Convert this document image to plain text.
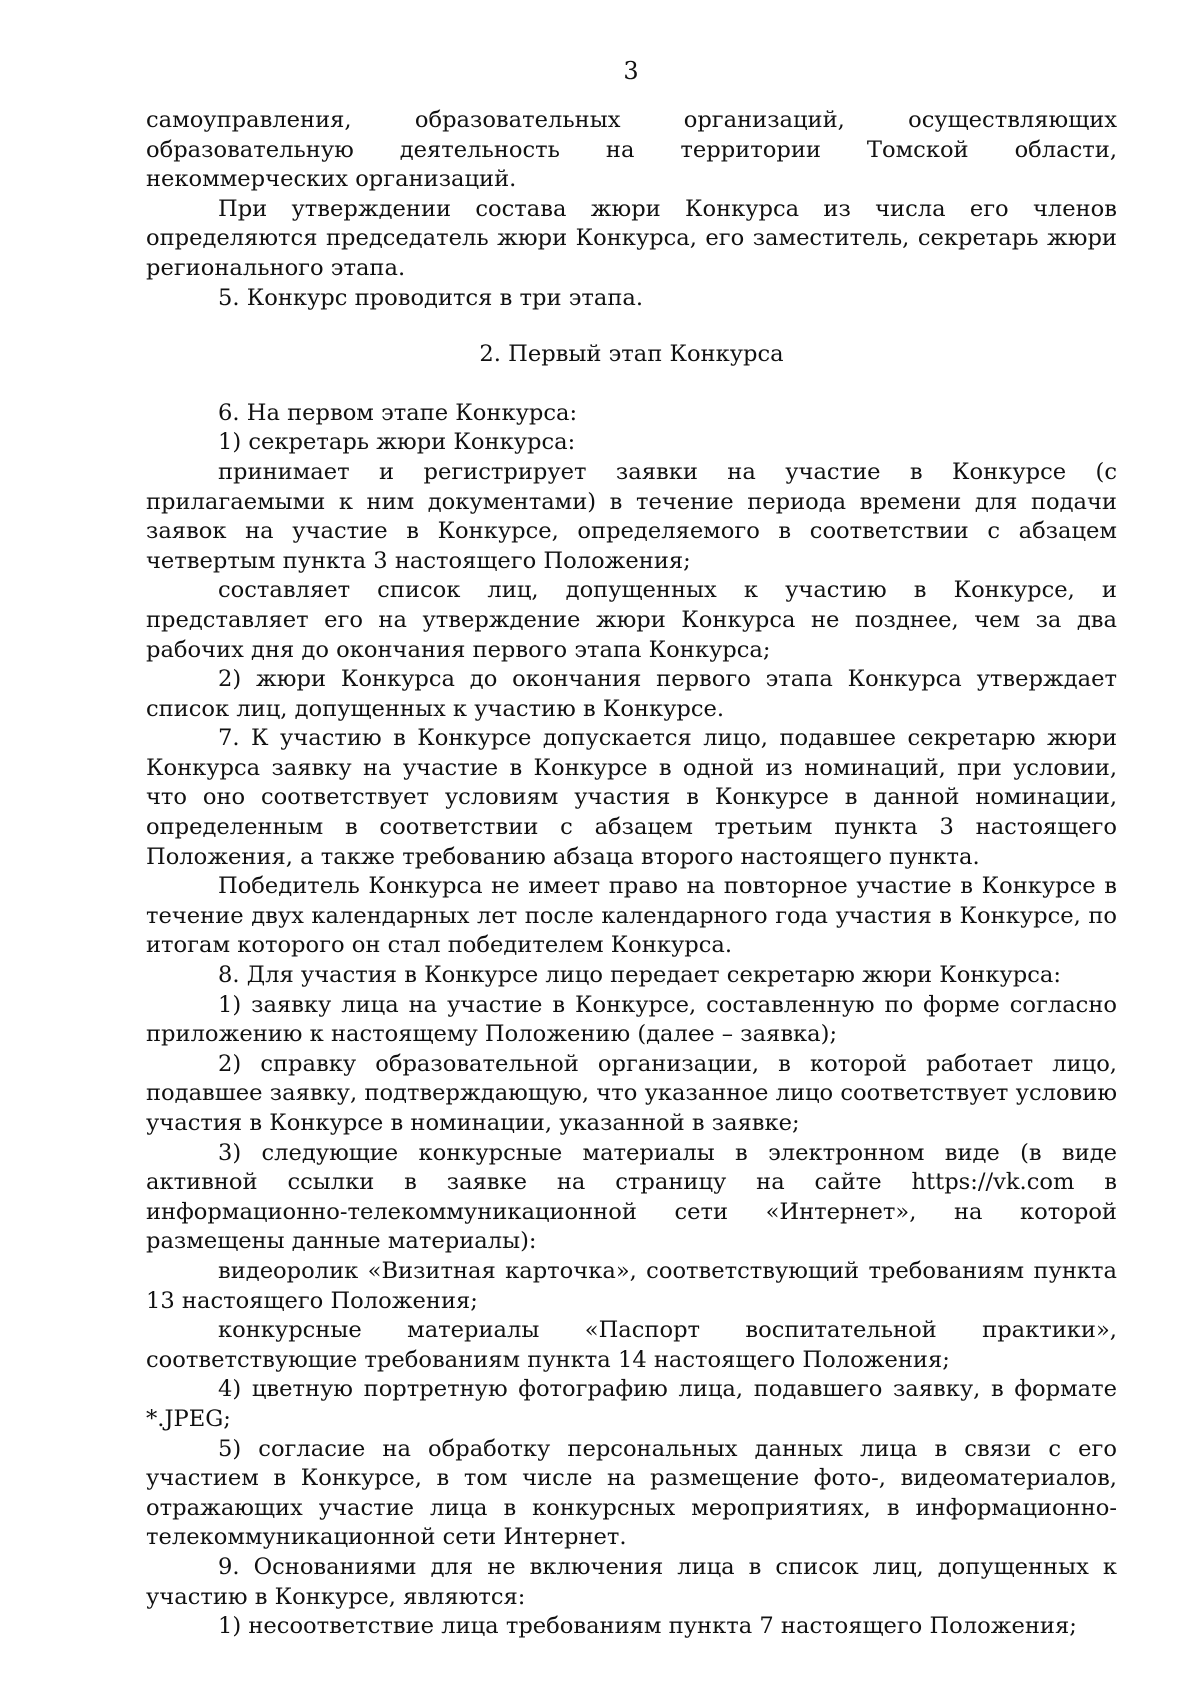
3

самоуправления, образовательных организаций, осуществляющих образовательную деятельность на территории Томской области, некоммерческих организаций.

При утверждении состава жюри Конкурса из числа его членов определяются председатель жюри Конкурса, его заместитель, секретарь жюри регионального этапа.

5. Конкурс проводится в три этапа.

2. Первый этап Конкурса

6. На первом этапе Конкурса:

1) секретарь жюри Конкурса:

принимает и регистрирует заявки на участие в Конкурсе (с прилагаемыми к ним документами) в течение периода времени для подачи заявок на участие в Конкурсе, определяемого в соответствии с абзацем четвертым пункта 3 настоящего Положения;

составляет список лиц, допущенных к участию в Конкурсе, и представляет его на утверждение жюри Конкурса не позднее, чем за два рабочих дня до окончания первого этапа Конкурса;

2) жюри Конкурса до окончания первого этапа Конкурса утверждает список лиц, допущенных к участию в Конкурсе.

7. К участию в Конкурсе допускается лицо, подавшее секретарю жюри Конкурса заявку на участие в Конкурсе в одной из номинаций, при условии, что оно соответствует условиям участия в Конкурсе в данной номинации, определенным в соответствии с абзацем третьим пункта 3 настоящего Положения, а также требованию абзаца второго настоящего пункта.

Победитель Конкурса не имеет право на повторное участие в Конкурсе в течение двух календарных лет после календарного года участия в Конкурсе, по итогам которого он стал победителем Конкурса.

8. Для участия в Конкурсе лицо передает секретарю жюри Конкурса:

1) заявку лица на участие в Конкурсе, составленную по форме согласно приложению к настоящему Положению (далее – заявка);

2) справку образовательной организации, в которой работает лицо, подавшее заявку, подтверждающую, что указанное лицо соответствует условию участия в Конкурсе в номинации, указанной в заявке;

3) следующие конкурсные материалы в электронном виде (в виде активной ссылки в заявке на страницу на сайте https://vk.com в информационно-телекоммуникационной сети «Интернет», на которой размещены данные материалы):

видеоролик «Визитная карточка», соответствующий требованиям пункта 13 настоящего Положения;

конкурсные материалы «Паспорт воспитательной практики», соответствующие требованиям пункта 14 настоящего Положения;

4) цветную портретную фотографию лица, подавшего заявку, в формате *.JPEG;

5) согласие на обработку персональных данных лица в связи с его участием в Конкурсе, в том числе на размещение фото-, видеоматериалов, отражающих участие лица в конкурсных мероприятиях, в информационно-телекоммуникационной сети Интернет.

9. Основаниями для не включения лица в список лиц, допущенных к участию в Конкурсе, являются:

1) несоответствие лица требованиям пункта 7 настоящего Положения;
